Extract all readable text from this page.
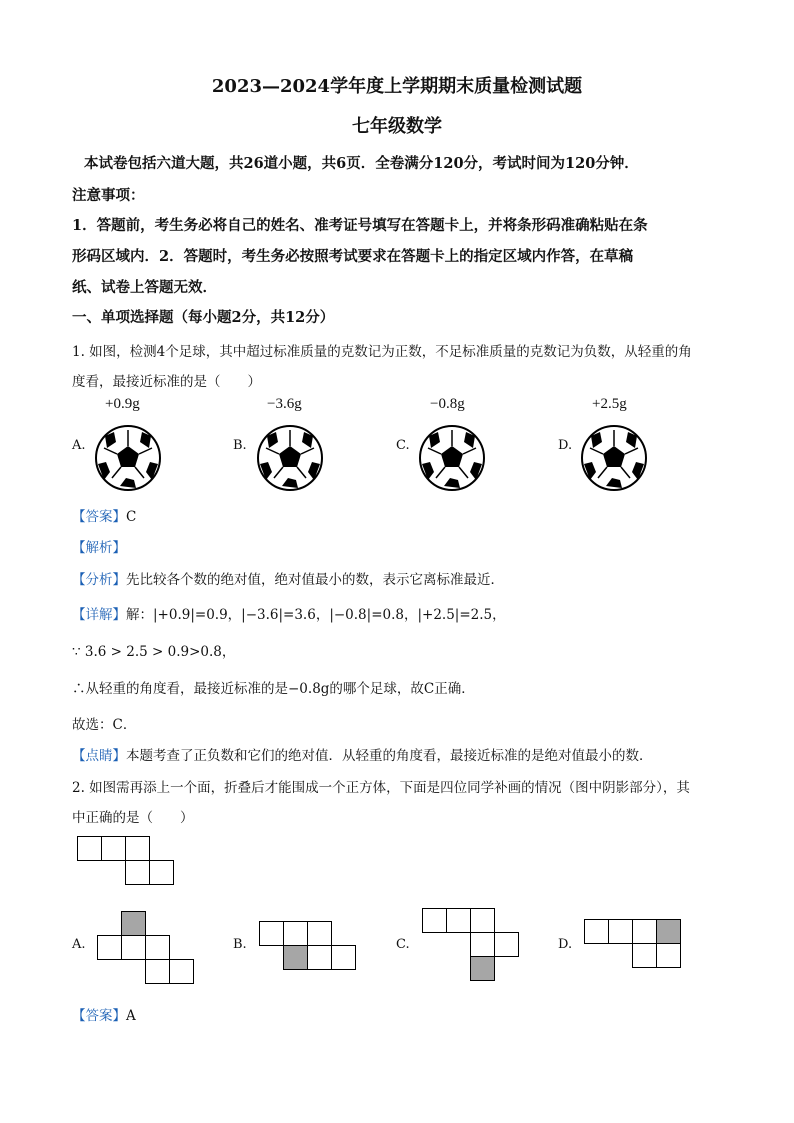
2023—2024学年度上学期期末质量检测试题
七年级数学
本试卷包括六道大题，共26道小题，共6页．全卷满分120分，考试时间为120分钟．
注意事项：
1．答题前，考生务必将自己的姓名、准考证号填写在答题卡上，并将条形码准确粘贴在条
形码区域内．2．答题时，考生务必按照考试要求在答题卡上的指定区域内作答，在草稿
纸、试卷上答题无效．
一、单项选择题（每小题2分，共12分）
1. 如图，检测4个足球，其中超过标准质量的克数记为正数，不足标准质量的克数记为负数，从轻重的角
度看，最接近标准的是（　　）
+0.9g	−3.6g	−0.8g	+2.5g
A.	B.	C.	D.
【答案】C
【解析】
【分析】先比较各个数的绝对值，绝对值最小的数，表示它离标准最近．
【详解】解：|+0.9|=0.9，|−3.6|=3.6，|−0.8|=0.8，|+2.5|=2.5，
∵ 3.6 > 2.5 > 0.9>0.8，
∴从轻重的角度看，最接近标准的是−0.8g的哪个足球，故C正确．
故选：C．
【点睛】本题考查了正负数和它们的绝对值．从轻重的角度看，最接近标准的是绝对值最小的数．
2. 如图需再添上一个面，折叠后才能围成一个正方体，下面是四位同学补画的情况（图中阴影部分），其
中正确的是（　　）
A.	B.	C.	D.
【答案】A
